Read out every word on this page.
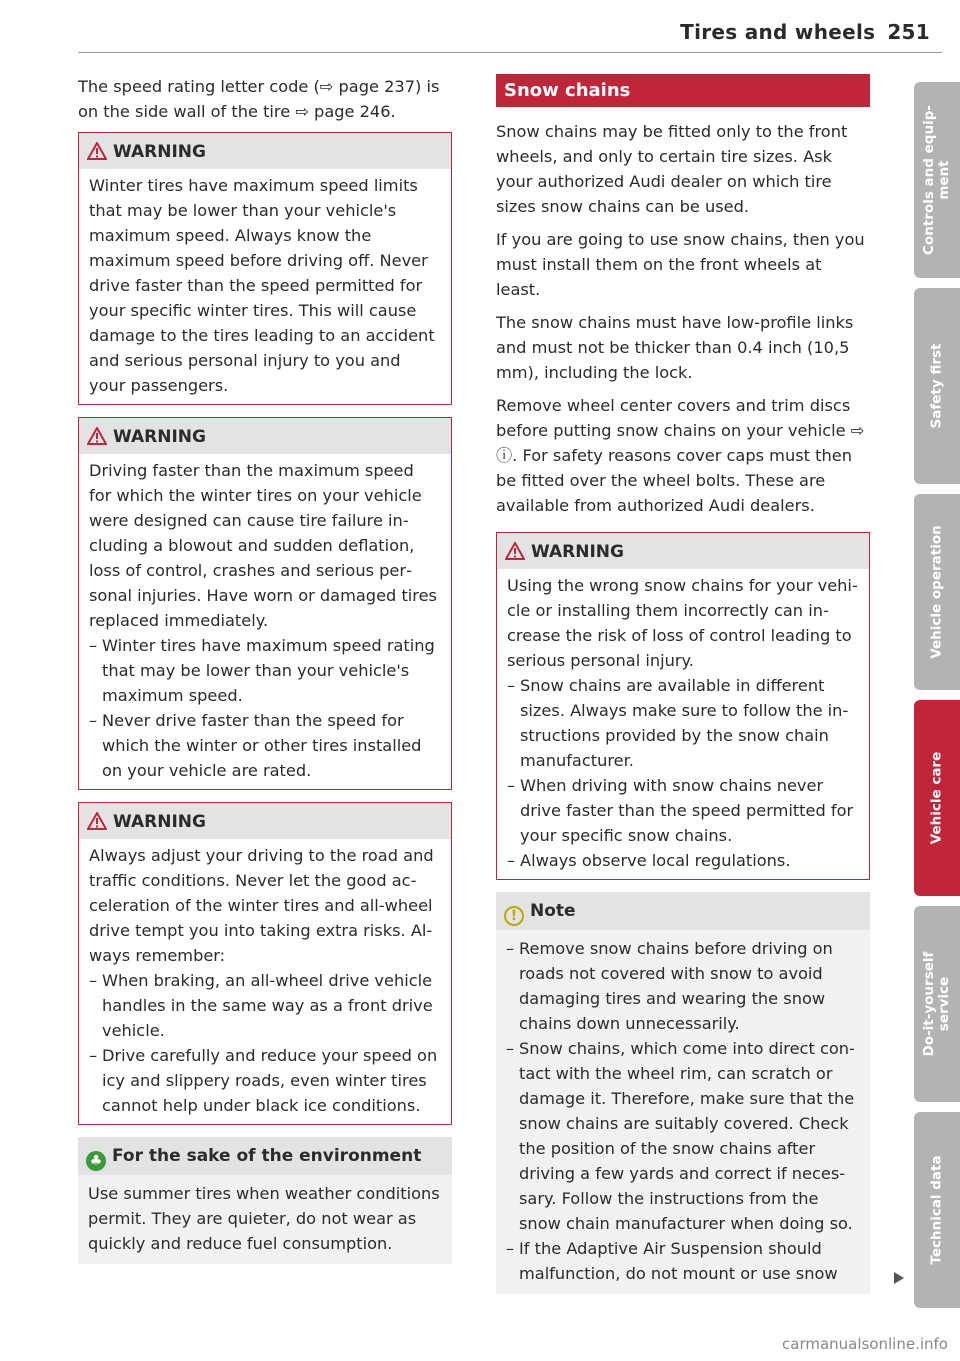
Tires and wheels 251

The speed rating letter code (⇨ page 237) is on the side wall of the tire ⇨ page 246.

WARNING
Winter tires have maximum speed limits that may be lower than your vehicle's maximum speed. Always know the maximum speed before driving off. Never drive faster than the speed permitted for your specific winter tires. This will cause damage to the tires leading to an accident and serious personal injury to you and your passengers.
WARNING
Driving faster than the maximum speed for which the winter tires on your vehicle were designed can cause tire failure including a blowout and sudden deflation, loss of control, crashes and serious personal injuries. Have worn or damaged tires replaced immediately.
– Winter tires have maximum speed rating that may be lower than your vehicle's maximum speed.
– Never drive faster than the speed for which the winter or other tires installed on your vehicle are rated.
WARNING
Always adjust your driving to the road and traffic conditions. Never let the good acceleration of the winter tires and all-wheel drive tempt you into taking extra risks. Always remember:
– When braking, an all-wheel drive vehicle handles in the same way as a front drive vehicle.
– Drive carefully and reduce your speed on icy and slippery roads, even winter tires cannot help under black ice conditions.
♣ For the sake of the environment
Use summer tires when weather conditions permit. They are quieter, do not wear as quickly and reduce fuel consumption.
Snow chains

Snow chains may be fitted only to the front wheels, and only to certain tire sizes. Ask your authorized Audi dealer on which tire sizes snow chains can be used.

If you are going to use snow chains, then you must install them on the front wheels at least.

The snow chains must have low-profile links and must not be thicker than 0.4 inch (10,5 mm), including the lock.

Remove wheel center covers and trim discs before putting snow chains on your vehicle ⇨ ⓘ. For safety reasons cover caps must then be fitted over the wheel bolts. These are available from authorized Audi dealers.

WARNING
Using the wrong snow chains for your vehicle or installing them incorrectly can increase the risk of loss of control leading to serious personal injury.
– Snow chains are available in different sizes. Always make sure to follow the instructions provided by the snow chain manufacturer.
– When driving with snow chains never drive faster than the speed permitted for your specific snow chains.
– Always observe local regulations.
! Note
– Remove snow chains before driving on roads not covered with snow to avoid damaging tires and wearing the snow chains down unnecessarily.
– Snow chains, which come into direct contact with the wheel rim, can scratch or damage it. Therefore, make sure that the snow chains are suitably covered. Check the position of the snow chains after driving a few yards and correct if necessary. Follow the instructions from the snow chain manufacturer when doing so.
– If the Adaptive Air Suspension should malfunction, do not mount or use snow
Controls and equip- ment
Safety first
Vehicle operation
Vehicle care
Do-it-yourself service
Technical data
carmanualsonline.info
